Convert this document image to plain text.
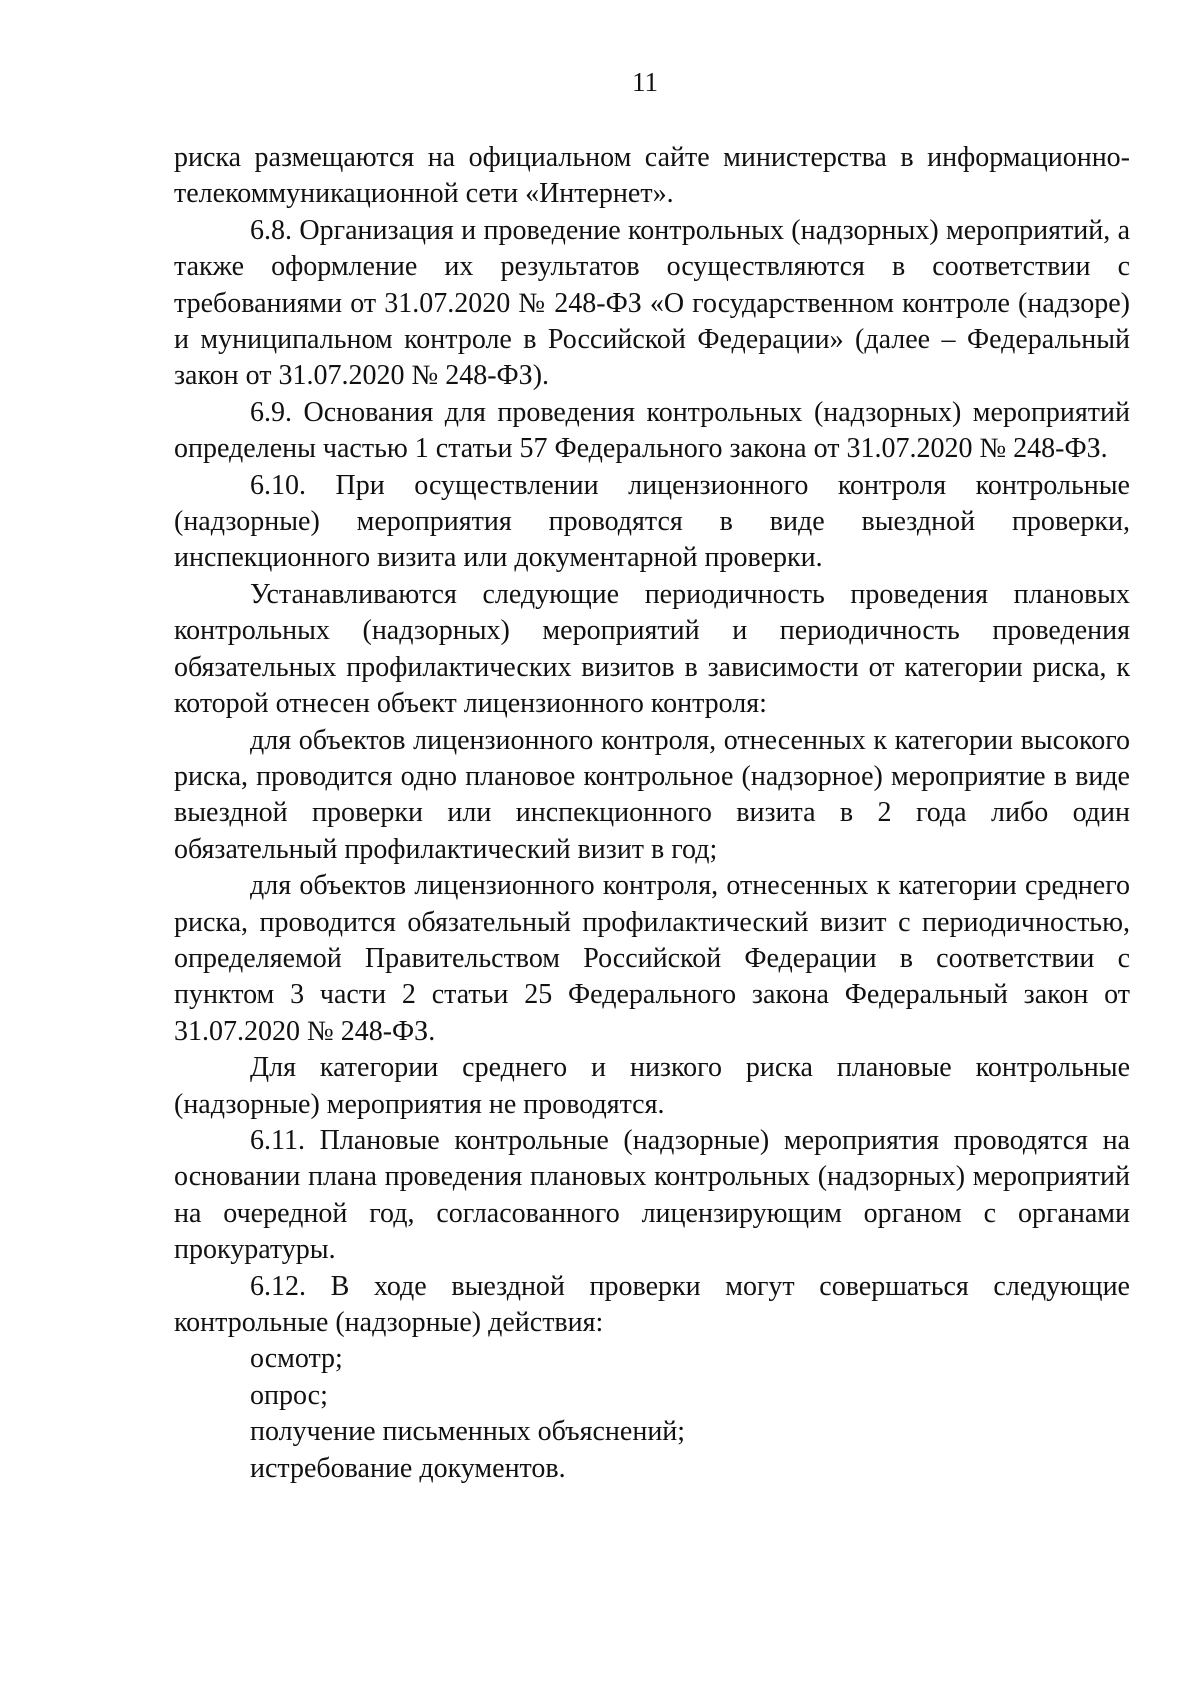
11

риска размещаются на официальном сайте министерства в информационно-телекоммуникационной сети «Интернет».

6.8. Организация и проведение контрольных (надзорных) мероприятий, а также оформление их результатов осуществляются в соответствии с требованиями от 31.07.2020 № 248-ФЗ «О государственном контроле (надзоре) и муниципальном контроле в Российской Федерации» (далее – Федеральный закон от 31.07.2020 № 248-ФЗ).

6.9. Основания для проведения контрольных (надзорных) мероприятий определены частью 1 статьи 57 Федерального закона от 31.07.2020 № 248-ФЗ.

6.10. При осуществлении лицензионного контроля контрольные (надзорные) мероприятия проводятся в виде выездной проверки, инспекционного визита или документарной проверки.

Устанавливаются следующие периодичность проведения плановых контрольных (надзорных) мероприятий и периодичность проведения обязательных профилактических визитов в зависимости от категории риска, к которой отнесен объект лицензионного контроля:

для объектов лицензионного контроля, отнесенных к категории высокого риска, проводится одно плановое контрольное (надзорное) мероприятие в виде выездной проверки или инспекционного визита в 2 года либо один обязательный профилактический визит в год;

для объектов лицензионного контроля, отнесенных к категории среднего риска, проводится обязательный профилактический визит с периодичностью, определяемой Правительством Российской Федерации в соответствии с пунктом 3 части 2 статьи 25 Федерального закона Федеральный закон от 31.07.2020 № 248-ФЗ.

Для категории среднего и низкого риска плановые контрольные (надзорные) мероприятия не проводятся.

6.11. Плановые контрольные (надзорные) мероприятия проводятся на основании плана проведения плановых контрольных (надзорных) мероприятий на очередной год, согласованного лицензирующим органом с органами прокуратуры.

6.12. В ходе выездной проверки могут совершаться следующие контрольные (надзорные) действия:

осмотр;

опрос;

получение письменных объяснений;

истребование документов.
